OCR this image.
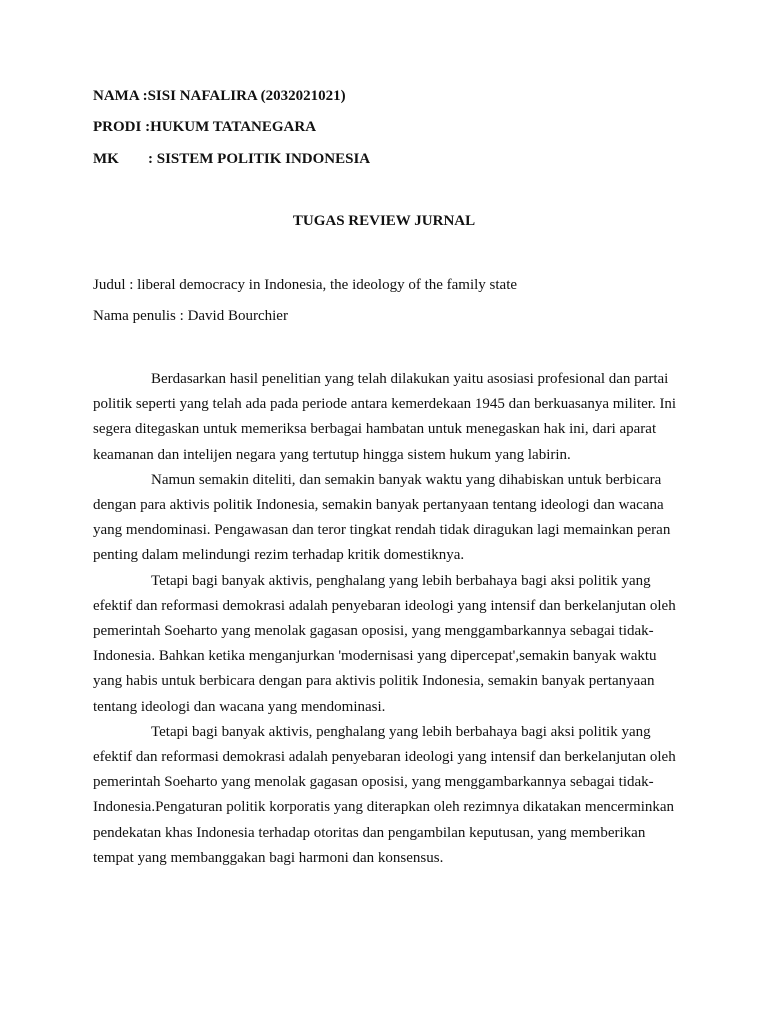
NAMA :SISI NAFALIRA (2032021021)
PRODI :HUKUM TATANEGARA
MK : SISTEM POLITIK INDONESIA
TUGAS REVIEW JURNAL
Judul : liberal democracy in Indonesia, the ideology of the family state
Nama penulis : David Bourchier

Berdasarkan hasil penelitian yang telah dilakukan yaitu asosiasi profesional dan partai politik seperti yang telah ada pada periode antara kemerdekaan 1945 dan berkuasanya militer. Ini segera ditegaskan untuk memeriksa berbagai hambatan untuk menegaskan hak ini, dari aparat keamanan dan intelijen negara yang tertutup hingga sistem hukum yang labirin.

Namun semakin diteliti, dan semakin banyak waktu yang dihabiskan untuk berbicara dengan para aktivis politik Indonesia, semakin banyak pertanyaan tentang ideologi dan wacana yang mendominasi. Pengawasan dan teror tingkat rendah tidak diragukan lagi memainkan peran penting dalam melindungi rezim terhadap kritik domestiknya.

Tetapi bagi banyak aktivis, penghalang yang lebih berbahaya bagi aksi politik yang efektif dan reformasi demokrasi adalah penyebaran ideologi yang intensif dan berkelanjutan oleh pemerintah Soeharto yang menolak gagasan oposisi, yang menggambarkannya sebagai tidak-Indonesia. Bahkan ketika menganjurkan 'modernisasi yang dipercepat',semakin banyak waktu yang habis untuk berbicara dengan para aktivis politik Indonesia, semakin banyak pertanyaan tentang ideologi dan wacana yang mendominasi.

Tetapi bagi banyak aktivis, penghalang yang lebih berbahaya bagi aksi politik yang efektif dan reformasi demokrasi adalah penyebaran ideologi yang intensif dan berkelanjutan oleh pemerintah Soeharto yang menolak gagasan oposisi, yang menggambarkannya sebagai tidak-Indonesia.Pengaturan politik korporatis yang diterapkan oleh rezimnya dikatakan mencerminkan pendekatan khas Indonesia terhadap otoritas dan pengambilan keputusan, yang memberikan tempat yang membanggakan bagi harmoni dan konsensus.
